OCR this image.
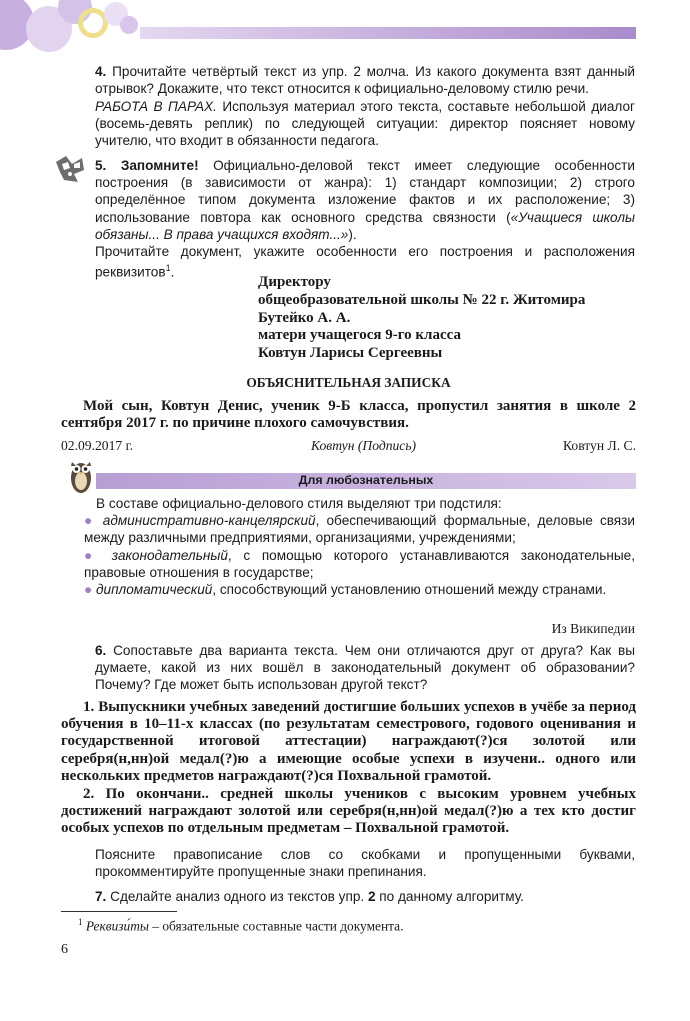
4. Прочитайте четвёртый текст из упр. 2 молча. Из какого документа взят данный отрывок? Докажите, что текст относится к официально-деловому стилю речи.
РАБОТА В ПАРАХ. Используя материал этого текста, составьте небольшой диалог (восемь-девять реплик) по следующей ситуации: директор поясняет новому учителю, что входит в обязанности педагога.
5. Запомните! Официально-деловой текст имеет следующие особенности построения (в зависимости от жанра): 1) стандарт композиции; 2) строго определённое типом документа изложение фактов и их расположение; 3) использование повтора как основного средства связности («Учащиеся школы обязаны... В права учащихся входят...»).
Прочитайте документ, укажите особенности его построения и расположения реквизитов$^1$.
Директору
общеобразовательной школы № 22 г. Житомира
Бутейко А. А.
матери учащегося 9-го класса
Ковтун Ларисы Сергеевны
ОБЪЯСНИТЕЛЬНАЯ ЗАПИСКА
Мой сын, Ковтун Денис, ученик 9-Б класса, пропустил занятия в школе 2 сентября 2017 г. по причине плохого самочувствия.
02.09.2017 г.	Ковтун (Подпись)	Ковтун Л. С.
Для любознательных
В составе официально-делового стиля выделяют три подстиля:
● административно-канцелярский, обеспечивающий формальные, деловые связи между различными предприятиями, организациями, учреждениями;
● законодательный, с помощью которого устанавливаются законодательные, правовые отношения в государстве;
● дипломатический, способствующий установлению отношений между странами.
Из Википедии
6. Сопоставьте два варианта текста. Чем они отличаются друг от друга? Как вы думаете, какой из них вошёл в законодательный документ об образовании? Почему? Где может быть использован другой текст?
1. Выпускники учебных заведений достигшие больших успехов в учёбе за период обучения в 10–11-х классах (по результатам семестрового, годового оценивания и государственной итоговой аттестации) награждают(?)ся золотой или серебря(н,нн)ой медал(?)ю а имеющие особые успехи в изучени.. одного или нескольких предметов награждают(?)ся Похвальной грамотой.
2. По окончани.. средней школы учеников с высоким уровнем учебных достижений награждают золотой или серебря(н,нн)ой медал(?)ю а тех кто достиг особых успехов по отдельным предметам – Похвальной грамотой.
Поясните правописание слов со скобками и пропущенными буквами, прокомментируйте пропущенные знаки препинания.
7. Сделайте анализ одного из текстов упр. 2 по данному алгоритму.
$^1$ Реквизи́ты – обязательные составные части документа.
6
